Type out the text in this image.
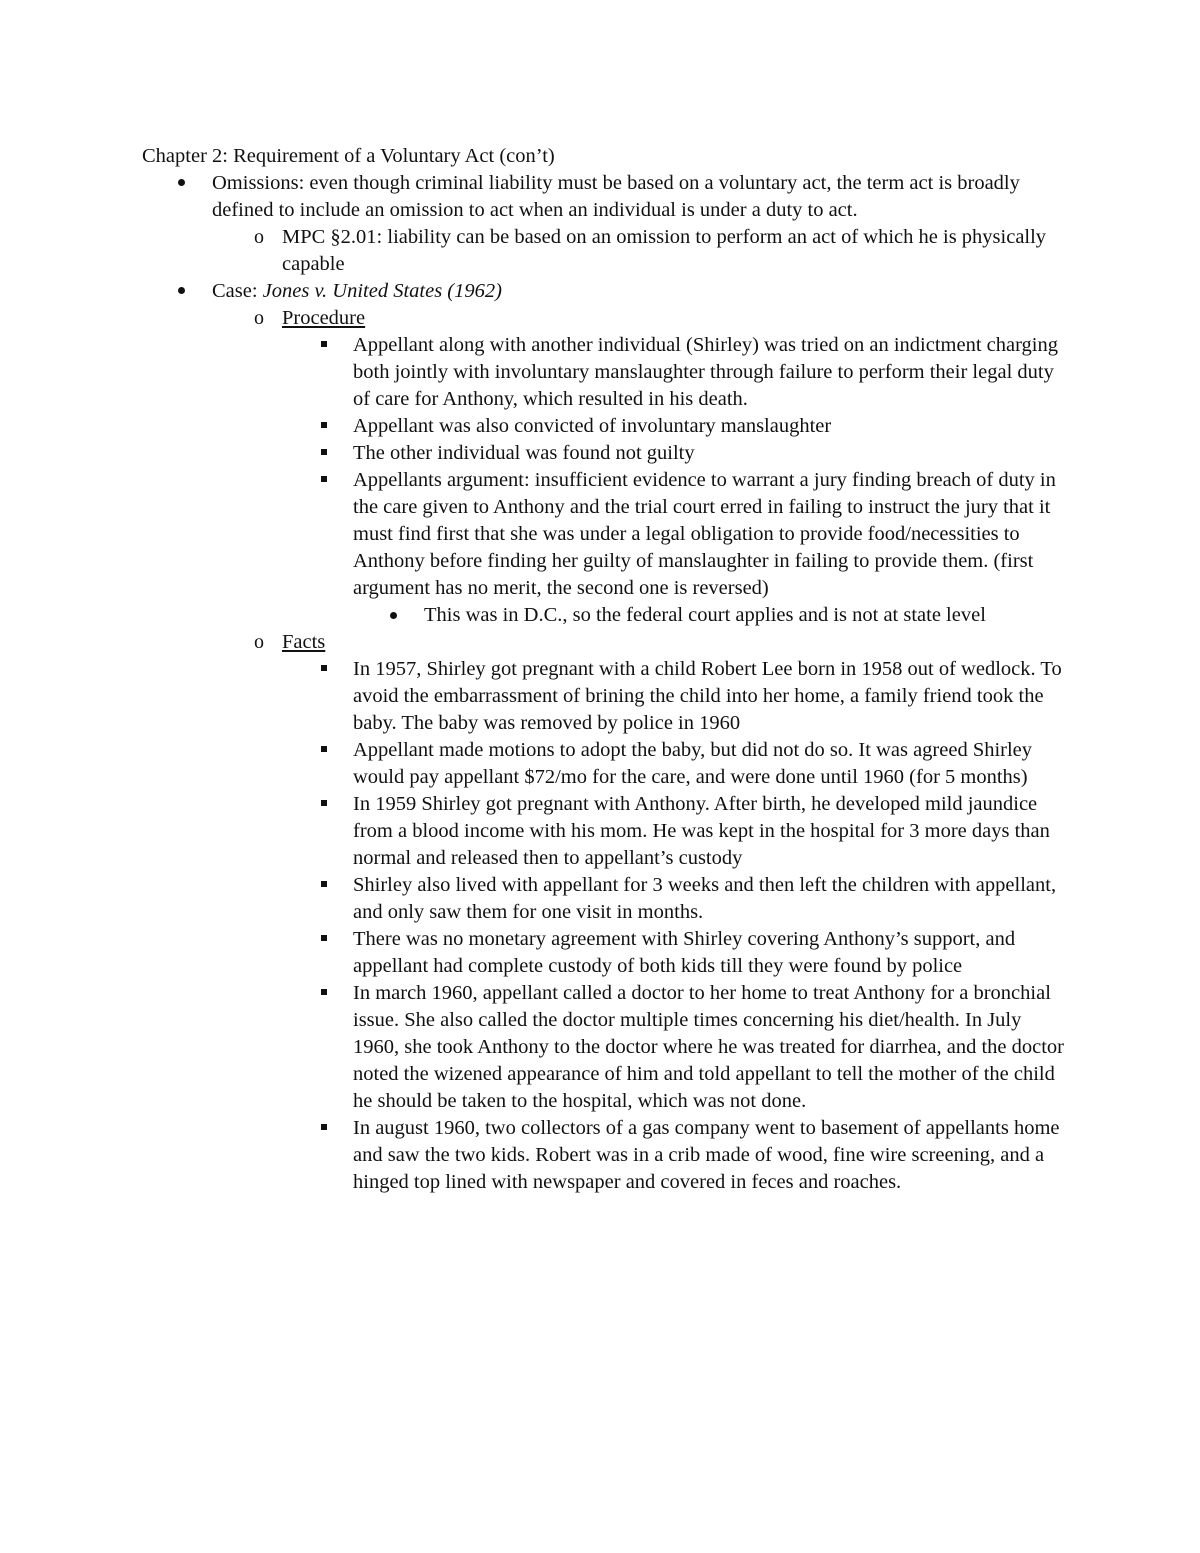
Chapter 2: Requirement of a Voluntary Act (con’t)

Omissions: even though criminal liability must be based on a voluntary act, the term act is broadly defined to include an omission to act when an individual is under a duty to act.
o MPC §2.01: liability can be based on an omission to perform an act of which he is physically capable
Case: Jones v. United States (1962)
o Procedure
Appellant along with another individual (Shirley) was tried on an indictment charging both jointly with involuntary manslaughter through failure to perform their legal duty of care for Anthony, which resulted in his death.
Appellant was also convicted of involuntary manslaughter
The other individual was found not guilty
Appellants argument: insufficient evidence to warrant a jury finding breach of duty in the care given to Anthony and the trial court erred in failing to instruct the jury that it must find first that she was under a legal obligation to provide food/necessities to Anthony before finding her guilty of manslaughter in failing to provide them. (first argument has no merit, the second one is reversed)
This was in D.C., so the federal court applies and is not at state level
o Facts
In 1957, Shirley got pregnant with a child Robert Lee born in 1958 out of wedlock. To avoid the embarrassment of brining the child into her home, a family friend took the baby. The baby was removed by police in 1960
Appellant made motions to adopt the baby, but did not do so. It was agreed Shirley would pay appellant $72/mo for the care, and were done until 1960 (for 5 months)
In 1959 Shirley got pregnant with Anthony. After birth, he developed mild jaundice from a blood income with his mom. He was kept in the hospital for 3 more days than normal and released then to appellant’s custody
Shirley also lived with appellant for 3 weeks and then left the children with appellant, and only saw them for one visit in months.
There was no monetary agreement with Shirley covering Anthony’s support, and appellant had complete custody of both kids till they were found by police
In march 1960, appellant called a doctor to her home to treat Anthony for a bronchial issue. She also called the doctor multiple times concerning his diet/health. In July 1960, she took Anthony to the doctor where he was treated for diarrhea, and the doctor noted the wizened appearance of him and told appellant to tell the mother of the child he should be taken to the hospital, which was not done.
In august 1960, two collectors of a gas company went to basement of appellants home and saw the two kids. Robert was in a crib made of wood, fine wire screening, and a hinged top lined with newspaper and covered in feces and roaches.
